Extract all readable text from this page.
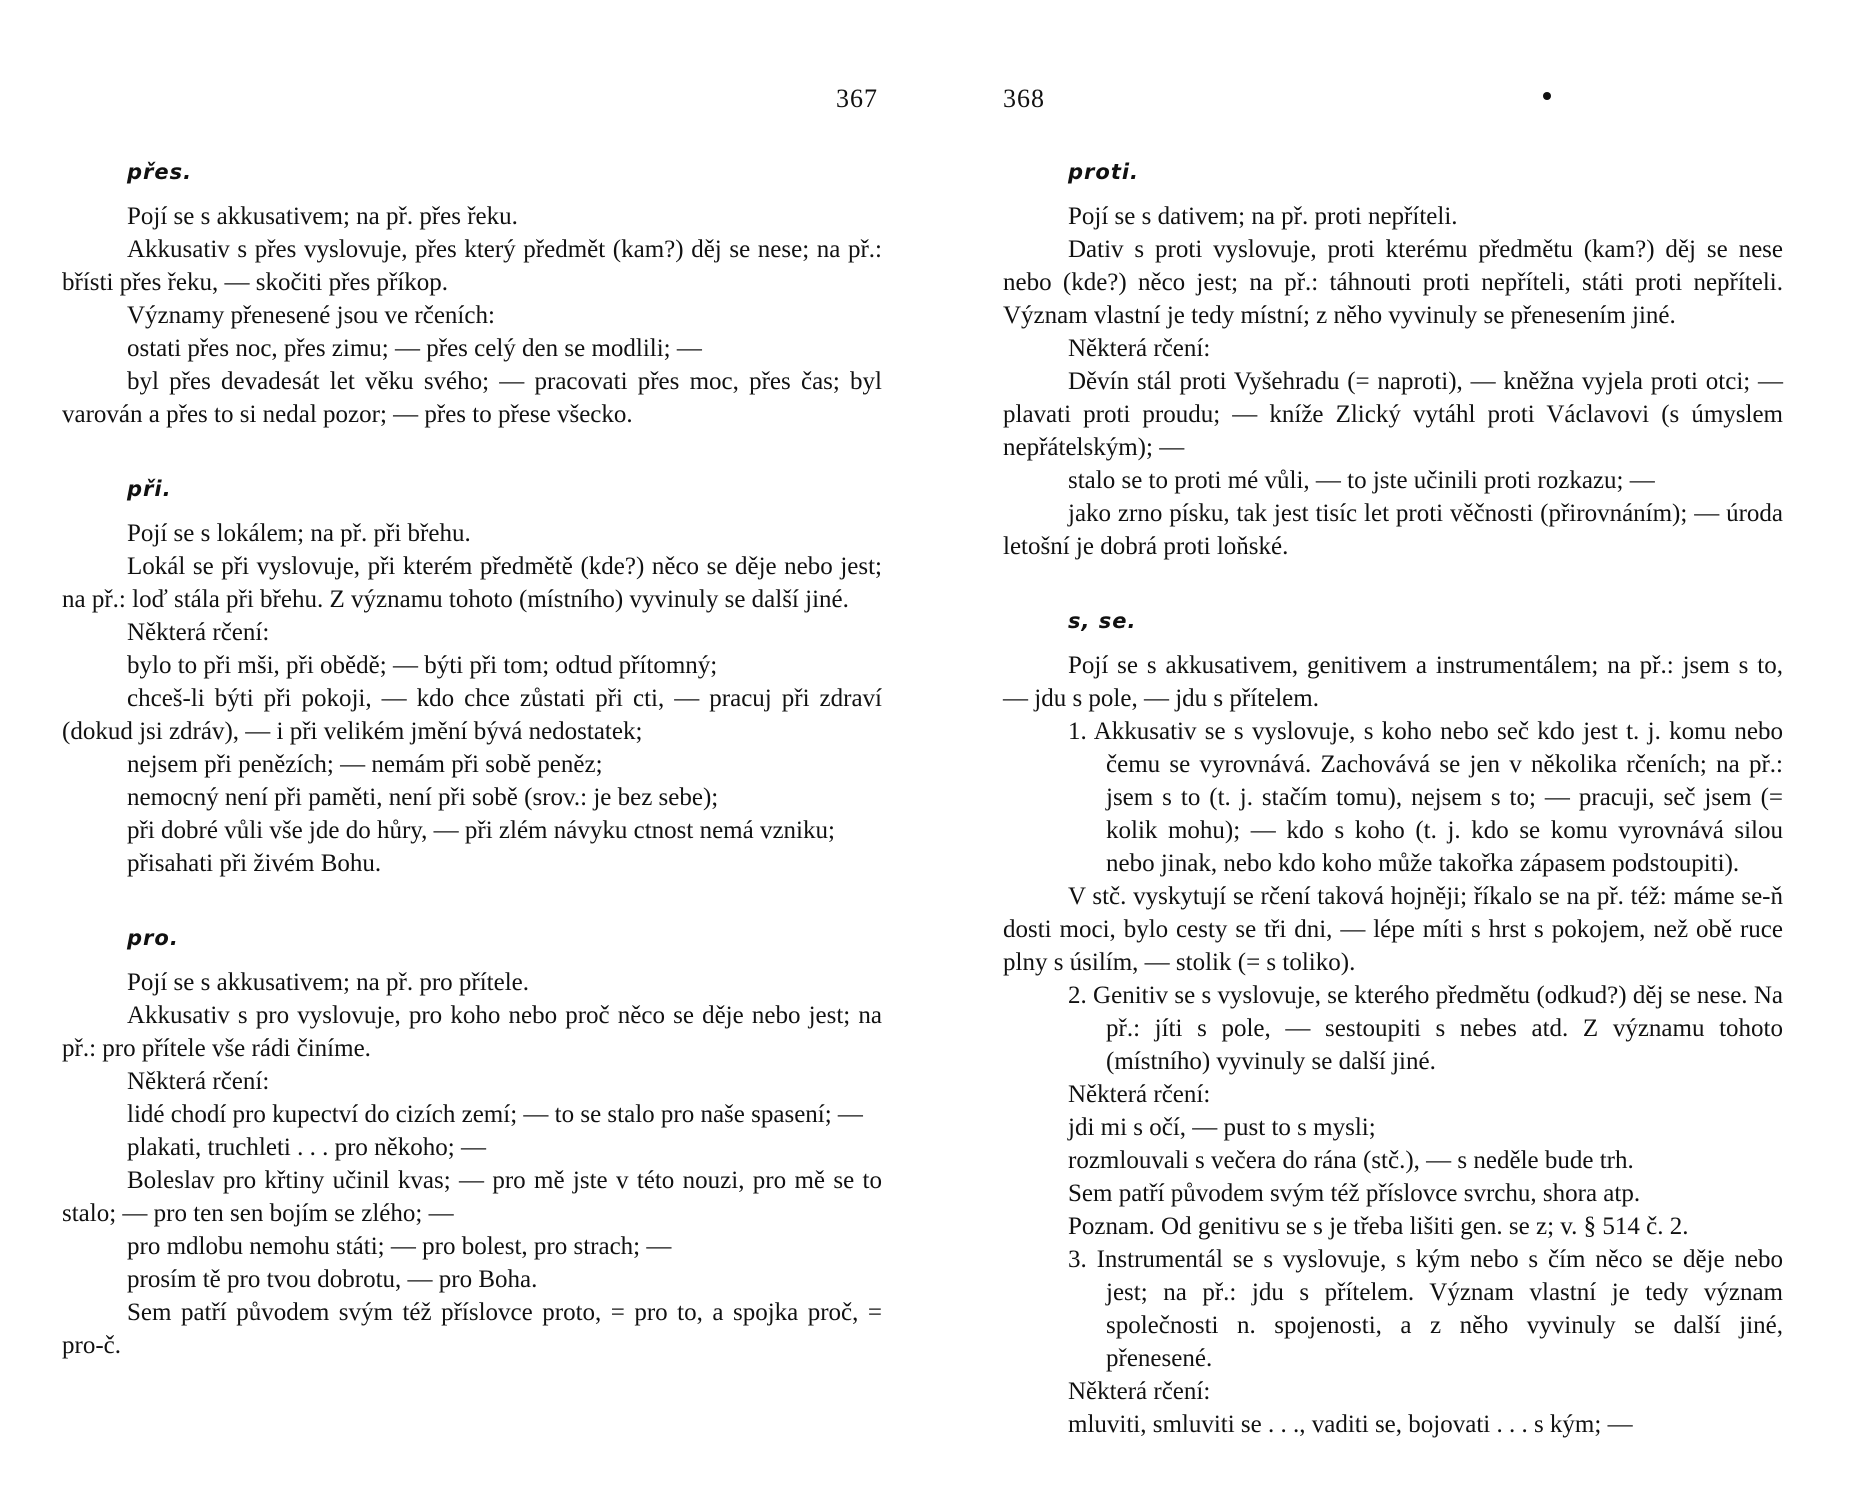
367
přes.

Pojí se s akkusativem; na př. přes řeku.

Akkusativ s přes vyslovuje, přes který předmět (kam?) děj se nese; na př.: břísti přes řeku, — skočiti přes příkop.

Významy přenesené jsou ve rčeních:

ostati přes noc, přes zimu; — přes celý den se modlili; —

byl přes devadesát let věku svého; — pracovati přes moc, přes čas; byl varován a přes to si nedal pozor; — přes to přese všecko.

při.

Pojí se s lokálem; na př. při břehu.

Lokál se při vyslovuje, při kterém předmětě (kde?) něco se děje nebo jest; na př.: loď stála při břehu. Z významu tohoto (místního) vyvinuly se další jiné.

Některá rčení:

bylo to při mši, při obědě; — býti při tom; odtud přítomný;

chceš-li býti při pokoji, — kdo chce zůstati při cti, — pracuj při zdraví (dokud jsi zdráv), — i při velikém jmění bývá nedostatek;

nejsem při penězích; — nemám při sobě peněz;

nemocný není při paměti, není při sobě (srov.: je bez sebe);

při dobré vůli vše jde do hůry, — při zlém návyku ctnost nemá vzniku;

přisahati při živém Bohu.

pro.

Pojí se s akkusativem; na př. pro přítele.

Akkusativ s pro vyslovuje, pro koho nebo proč něco se děje nebo jest; na př.: pro přítele vše rádi činíme.

Některá rčení:

lidé chodí pro kupectví do cizích zemí; — to se stalo pro naše spasení; —

plakati, truchleti . . . pro někoho; —

Boleslav pro křtiny učinil kvas; — pro mě jste v této nouzi, pro mě se to stalo; — pro ten sen bojím se zlého; —

pro mdlobu nemohu státi; — pro bolest, pro strach; —

prosím tě pro tvou dobrotu, — pro Boha.

Sem patří původem svým též příslovce proto, = pro to, a spojka proč, = pro-č.

368
proti.

Pojí se s dativem; na př. proti nepříteli.

Dativ s proti vyslovuje, proti kterému předmětu (kam?) děj se nese nebo (kde?) něco jest; na př.: táhnouti proti nepříteli, státi proti nepříteli. Význam vlastní je tedy místní; z něho vyvinuly se přenesením jiné.

Některá rčení:

Děvín stál proti Vyšehradu (= naproti), — kněžna vyjela proti otci; — plavati proti proudu; — kníže Zlický vytáhl proti Václavovi (s úmyslem nepřátelským); —

stalo se to proti mé vůli, — to jste učinili proti rozkazu; —

jako zrno písku, tak jest tisíc let proti věčnosti (přirovnáním); — úroda letošní je dobrá proti loňské.

s, se.

Pojí se s akkusativem, genitivem a instrumentálem; na př.: jsem s to, — jdu s pole, — jdu s přítelem.

1. Akkusativ se s vyslovuje, s koho nebo seč kdo jest t. j. komu nebo čemu se vyrovnává. Zachovává se jen v několika rčeních; na př.: jsem s to (t. j. stačím tomu), nejsem s to; — pracuji, seč jsem (= kolik mohu); — kdo s koho (t. j. kdo se komu vyrovnává silou nebo jinak, nebo kdo koho může takořka zápasem podstoupiti).

V stč. vyskytují se rčení taková hojněji; říkalo se na př. též: máme se-ň dosti moci, bylo cesty se tři dni, — lépe míti s hrst s pokojem, než obě ruce plny s úsilím, — stolik (= s toliko).

2. Genitiv se s vyslovuje, se kterého předmětu (odkud?) děj se nese. Na př.: jíti s pole, — sestoupiti s nebes atd. Z významu tohoto (místního) vyvinuly se další jiné.

Některá rčení:

jdi mi s očí, — pust to s mysli;

rozmlouvali s večera do rána (stč.), — s neděle bude trh.

Sem patří původem svým též příslovce svrchu, shora atp.

Poznam. Od genitivu se s je třeba lišiti gen. se z; v. § 514 č. 2.

3. Instrumentál se s vyslovuje, s kým nebo s čím něco se děje nebo jest; na př.: jdu s přítelem. Význam vlastní je tedy význam společnosti n. spojenosti, a z něho vyvinuly se další jiné, přenesené.

Některá rčení:

mluviti, smluviti se . . ., vaditi se, bojovati . . . s kým; —
